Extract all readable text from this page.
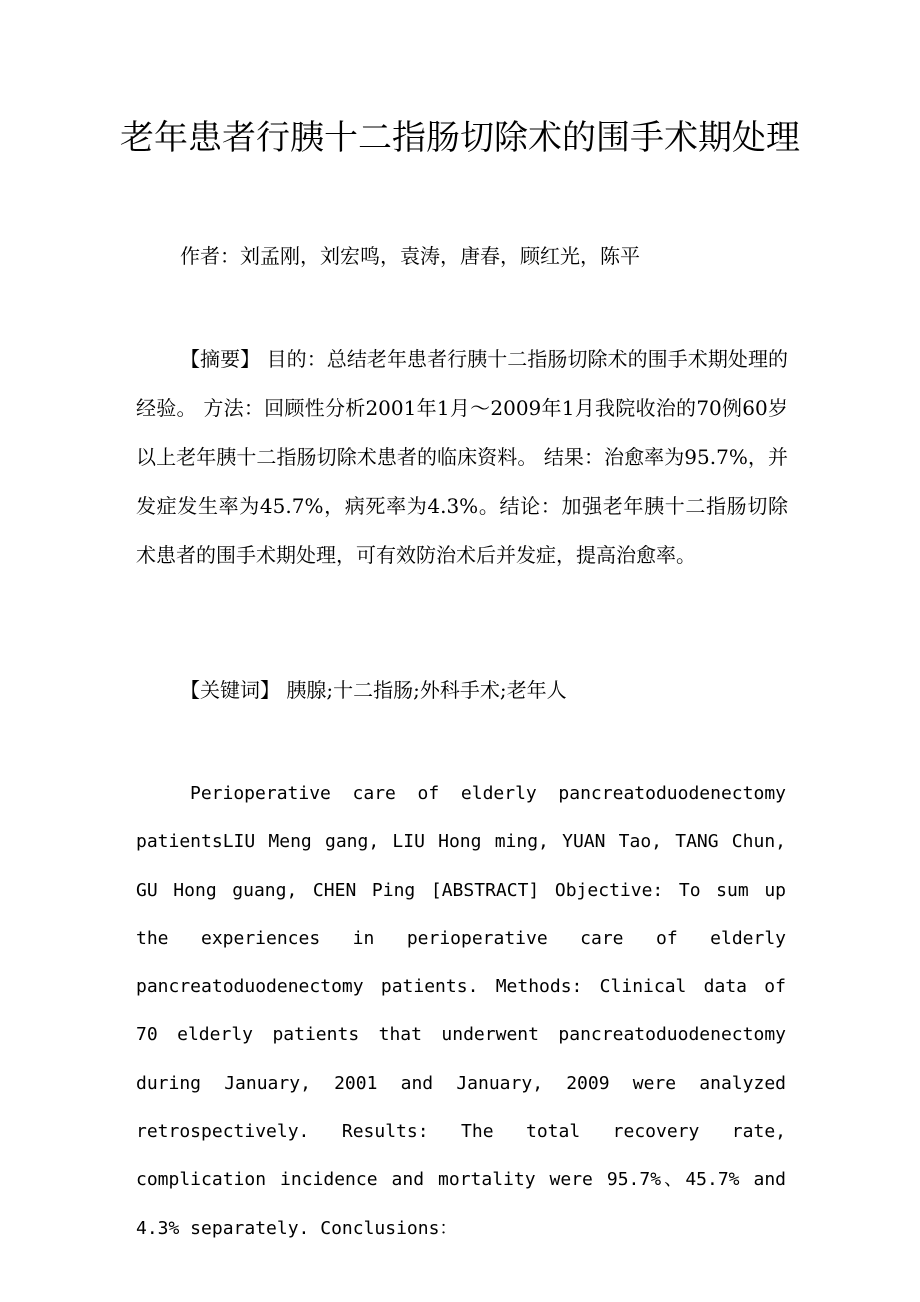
老年患者行胰十二指肠切除术的围手术期处理
作者：刘孟刚，刘宏鸣，袁涛，唐春，顾红光，陈平

【摘要】 目的：总结老年患者行胰十二指肠切除术的围手术期处理的经验。 方法：回顾性分析2001年1月～2009年1月我院收治的70例60岁以上老年胰十二指肠切除术患者的临床资料。 结果：治愈率为95.7%，并发症发生率为45.7%，病死率为4.3%。结论：加强老年胰十二指肠切除术患者的围手术期处理，可有效防治术后并发症，提高治愈率。

【关键词】 胰腺;十二指肠;外科手术;老年人

Perioperative care of elderly pancreatoduodenectomy patientsLIU Meng gang, LIU Hong ming, YUAN Tao, TANG Chun, GU Hong guang, CHEN Ping [ABSTRACT] Objective: To sum up the experiences in perioperative care of elderly pancreatoduodenectomy patients. Methods: Clinical data of 70 elderly patients that underwent pancreatoduodenectomy during January, 2001 and January, 2009 were analyzed retrospectively. Results: The total recovery rate, complication incidence and mortality were 95.7%、45.7% and 4.3% separately. Conclusions：
